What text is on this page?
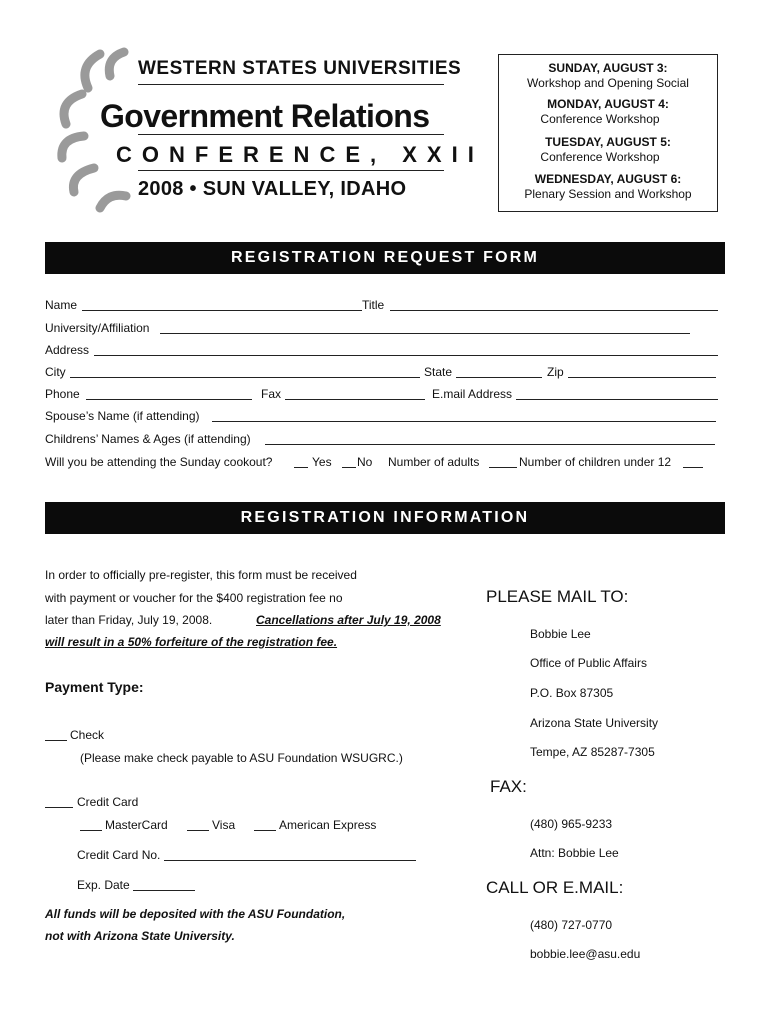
WESTERN STATES UNIVERSITIES
Government Relations
CONFERENCE, XXII
2008 • SUN VALLEY, IDAHO
SUNDAY, AUGUST 3:
Workshop and Opening Social
MONDAY, AUGUST 4:
Conference Workshop
TUESDAY, AUGUST 5:
Conference Workshop
WEDNESDAY, AUGUST 6:
Plenary Session and Workshop
REGISTRATION REQUEST FORM
Name	Title
University/Affiliation
Address
City	State	Zip
Phone	Fax	E.mail Address
Spouse’s Name (if attending)
Childrens’ Names & Ages (if attending)
Will you be attending the Sunday cookout?	Yes No Number of adults	Number of children under 12
REGISTRATION INFORMATION
In order to officially pre-register, this form must be received
with payment or voucher for the $400 registration fee no
later than Friday, July 19, 2008.	Cancellations after July 19, 2008
will result in a 50% forfeiture of the registration fee.
Payment Type:
Check
(Please make check payable to ASU Foundation WSUGRC.)
Credit Card
MasterCard	Visa	American Express
Credit Card No.
Exp. Date
All funds will be deposited with the ASU Foundation,
not with Arizona State University.
PLEASE MAIL TO:
Bobbie Lee
Office of Public Affairs
P.O. Box 87305
Arizona State University
Tempe, AZ 85287-7305
FAX:
(480) 965-9233
Attn: Bobbie Lee
CALL OR E.MAIL:
(480) 727-0770
bobbie.lee@asu.edu
